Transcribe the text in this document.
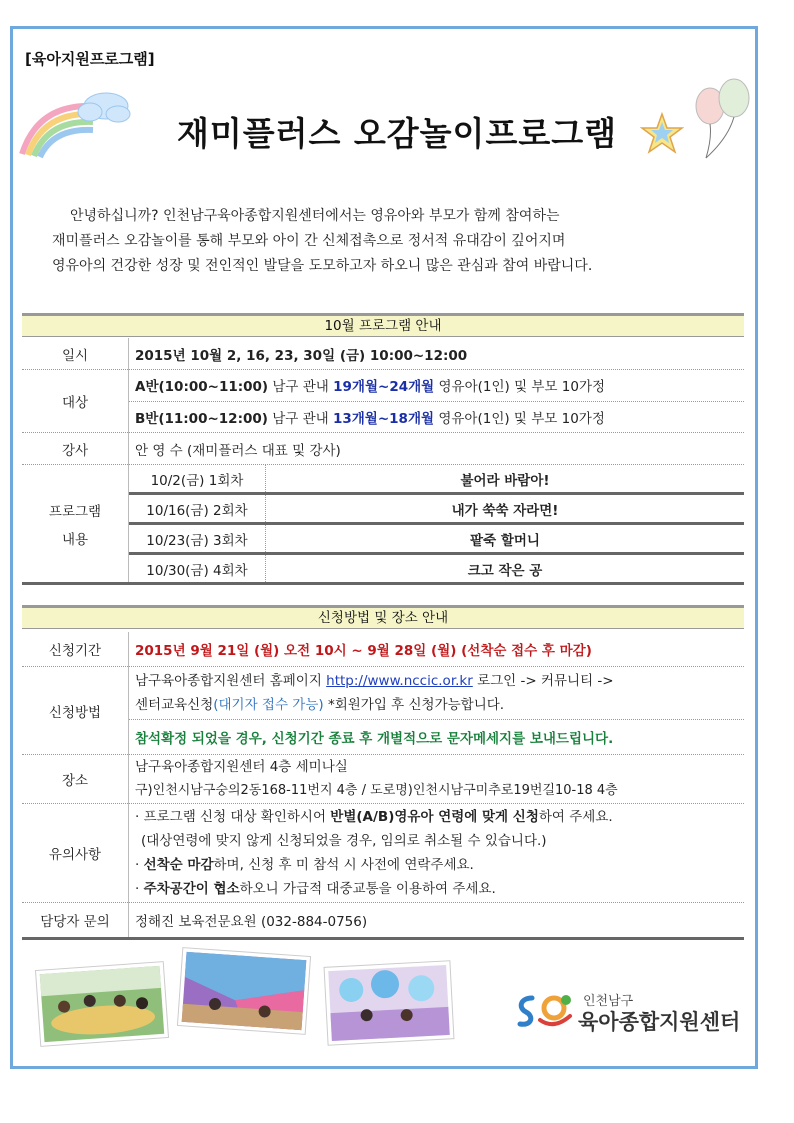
[육아지원프로그램]
재미플러스 오감놀이프로그램

안녕하십니까? 인천남구육아종합지원센터에서는 영유아와 부모가 함께 참여하는

재미플러스 오감놀이를 통해 부모와 아이 간 신체접촉으로 정서적 유대감이 깊어지며

영유아의 건강한 성장 및 전인적인 발달을 도모하고자 하오니 많은 관심과 참여 바랍니다.

10월 프로그램 안내
일시	2015년 10월 2, 16, 23, 30일 (금) 10:00~12:00
대상	A반(10:00~11:00) 남구 관내 19개월~24개월 영유아(1인) 및 부모 10가정
B반(11:00~12:00) 남구 관내 13개월~18개월 영유아(1인) 및 부모 10가정
강사	안 영 수 (재미플러스 대표 및 강사)

프로그램
내용

10/2(금) 1회차	불어라 바람아!
10/16(금) 2회차	내가 쑥쑥 자라면!
10/23(금) 3회차	팥죽 할머니
10/30(금) 4회차	크고 작은 공
신청방법 및 장소 안내
신청기간	2015년 9월 21일 (월) 오전 10시 ~ 9월 28일 (월) (선착순 접수 후 마감)
신청방법	남구육아종합지원센터 홈페이지 http://www.nccic.or.kr 로그인 -> 커뮤니티 ->
센터교육신청(대기자 접수 가능) *회원가입 후 신청가능합니다.

	참석확정 되었을 경우, 신청기간 종료 후 개별적으로 문자메세지를 보내드립니다.
장소	남구육아종합지원센터 4층 세미나실
구)인천시남구숭의2동168-11번지 4층 / 도로명)인천시남구미추로19번길10-18 4층

유의사항	· 프로그램 신청 대상 확인하시어 반별(A/B)영유아 연령에 맞게 신청하여 주세요.
(대상연령에 맞지 않게 신청되었을 경우, 임의로 취소될 수 있습니다.)
· 선착순 마감하며, 신청 후 미 참석 시 사전에 연락주세요.
· 주차공간이 협소하오니 가급적 대중교통을 이용하여 주세요.

담당자 문의	정해진 보육전문요원 (032-884-0756)
인천남구
육아종합지원센터
